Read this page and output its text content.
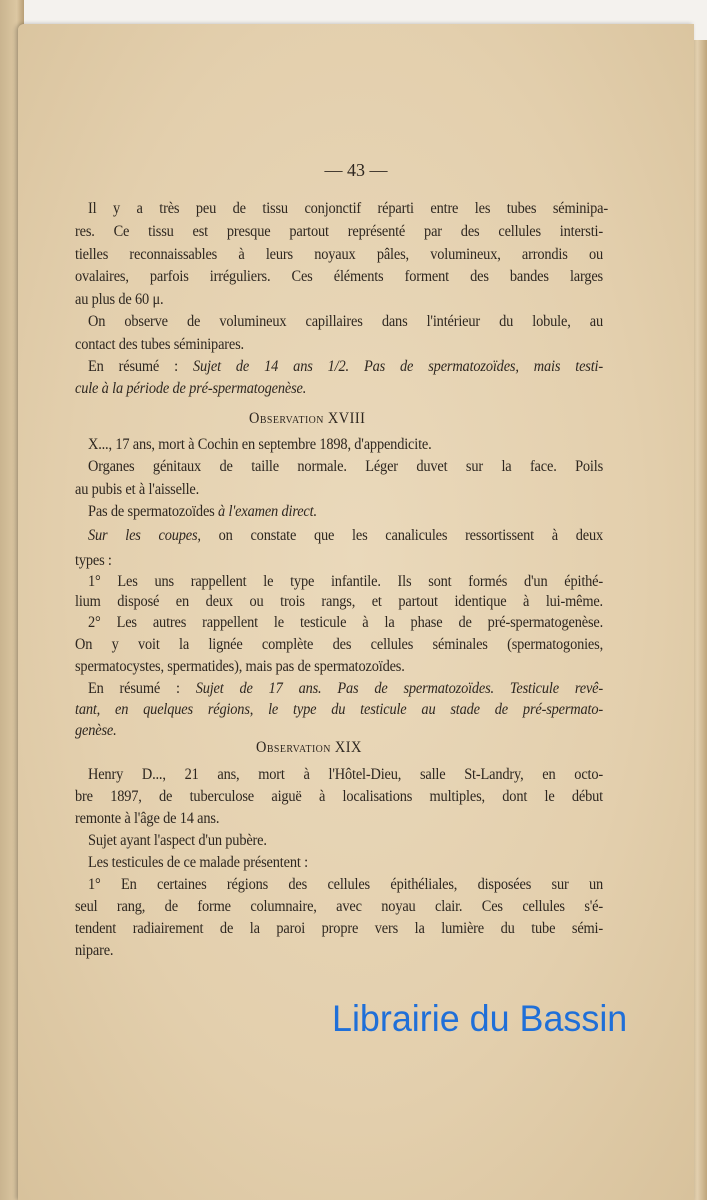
— 43 —
Il y a très peu de tissu conjonctif réparti entre les tubes séminipa-
res. Ce tissu est presque partout représenté par des cellules intersti-
tielles reconnaissables à leurs noyaux pâles, volumineux, arrondis ou
ovalaires, parfois irréguliers. Ces éléments forment des bandes larges
au plus de 60 μ.
On observe de volumineux capillaires dans l'intérieur du lobule, au
contact des tubes séminipares.
En résumé : Sujet de 14 ans 1/2. Pas de spermatozoïdes, mais testi-
cule à la période de pré-spermatogenèse.
Observation XVIII
X..., 17 ans, mort à Cochin en septembre 1898, d'appendicite.
Organes génitaux de taille normale. Léger duvet sur la face. Poils
au pubis et à l'aisselle.
Pas de spermatozoïdes à l'examen direct.
Sur les coupes, on constate que les canalicules ressortissent à deux
types :
1° Les uns rappellent le type infantile. Ils sont formés d'un épithé-
lium disposé en deux ou trois rangs, et partout identique à lui-même.
2° Les autres rappellent le testicule à la phase de pré-spermatogenèse.
On y voit la lignée complète des cellules séminales (spermatogonies,
spermatocystes, spermatides), mais pas de spermatozoïdes.
En résumé : Sujet de 17 ans. Pas de spermatozoïdes. Testicule revê-
tant, en quelques régions, le type du testicule au stade de pré-spermato-
genèse.
Observation XIX
Henry D..., 21 ans, mort à l'Hôtel-Dieu, salle St-Landry, en octo-
bre 1897, de tuberculose aiguë à localisations multiples, dont le début
remonte à l'âge de 14 ans.
Sujet ayant l'aspect d'un pubère.
Les testicules de ce malade présentent :
1° En certaines régions des cellules épithéliales, disposées sur un
seul rang, de forme columnaire, avec noyau clair. Ces cellules s'é-
tendent radiairement de la paroi propre vers la lumière du tube sémi-
nipare.
Librairie du Bassin
